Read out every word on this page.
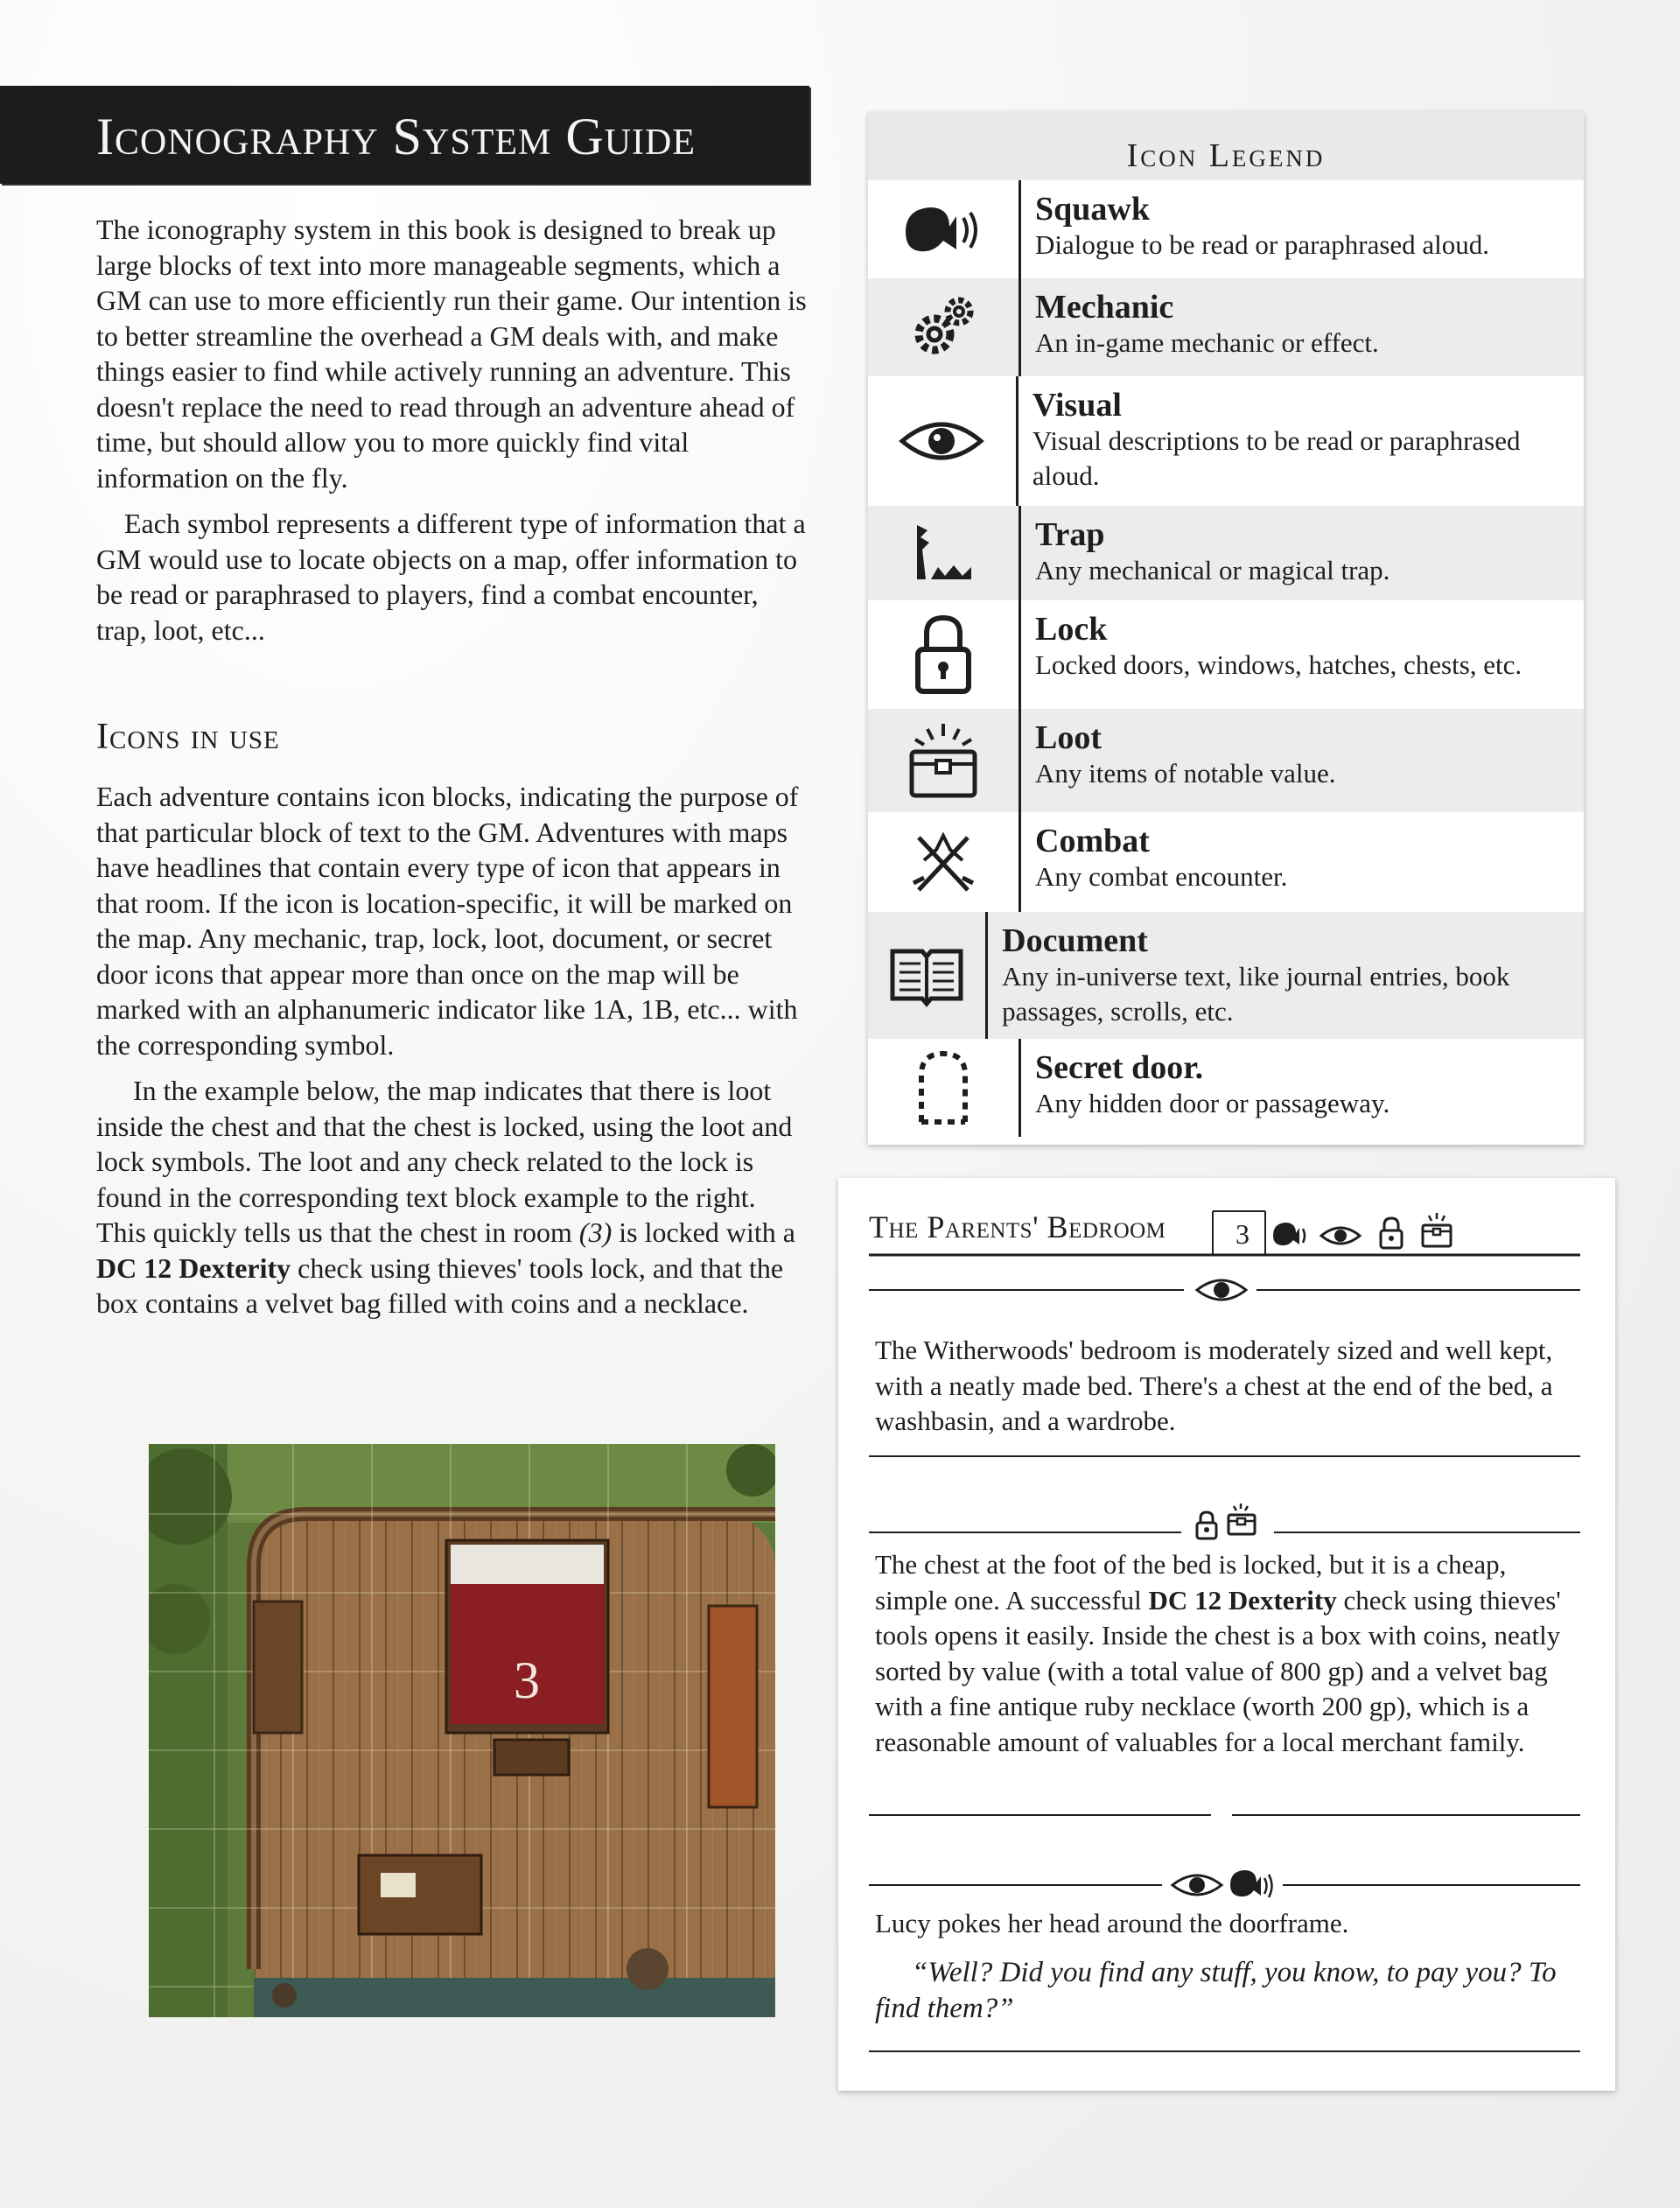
Iconography System Guide

The iconography system in this book is designed to break up large blocks of text into more manageable segments, which a GM can use to more efficiently run their game. Our intention is to better streamline the overhead a GM deals with, and make things easier to find while actively running an adventure. This doesn't replace the need to read through an adventure ahead of time, but should allow you to more quickly find vital information on the fly.

Each symbol represents a different type of information that a GM would use to locate objects on a map, offer information to be read or paraphrased to players, find a combat encounter, trap, loot, etc...

Icons in use

Each adventure contains icon blocks, indicating the purpose of that particular block of text to the GM. Adventures with maps have headlines that contain every type of icon that appears in that room. If the icon is location-specific, it will be marked on the map. Any mechanic, trap, lock, loot, document, or secret door icons that appear more than once on the map will be marked with an alphanumeric indicator like 1A, 1B, etc... with the corresponding symbol.

In the example below, the map indicates that there is loot inside the chest and that the chest is locked, using the loot and lock symbols. The loot and any check related to the lock is found in the corresponding text block example to the right. This quickly tells us that the chest in room (3) is locked with a DC 12 Dexterity check using thieves' tools lock, and that the box contains a velvet bag filled with coins and a necklace.

3
Icon Legend
Squawk
Dialogue to be read or paraphrased aloud.
Mechanic
An in-game mechanic or effect.
Visual
Visual descriptions to be read or paraphrased aloud.
Trap
Any mechanical or magical trap.
Lock
Locked doors, windows, hatches, chests, etc.
Loot
Any items of notable value.
Combat
Any combat encounter.
Document
Any in-universe text, like journal entries, book passages, scrolls, etc.
Secret door.
Any hidden door or passageway.
The Parents' Bedroom	3

The Witherwoods' bedroom is moderately sized and well kept, with a neatly made bed. There's a chest at the end of the bed, a washbasin, and a wardrobe.

The chest at the foot of the bed is locked, but it is a cheap, simple one. A successful DC 12 Dexterity check using thieves' tools opens it easily. Inside the chest is a box with coins, neatly sorted by value (with a total value of 800 gp) and a velvet bag with a fine antique ruby necklace (worth 200 gp), which is a reasonable amount of valuables for a local merchant family.

Lucy pokes her head around the doorframe.

“Well? Did you find any stuff, you know, to pay you? To find them?”
